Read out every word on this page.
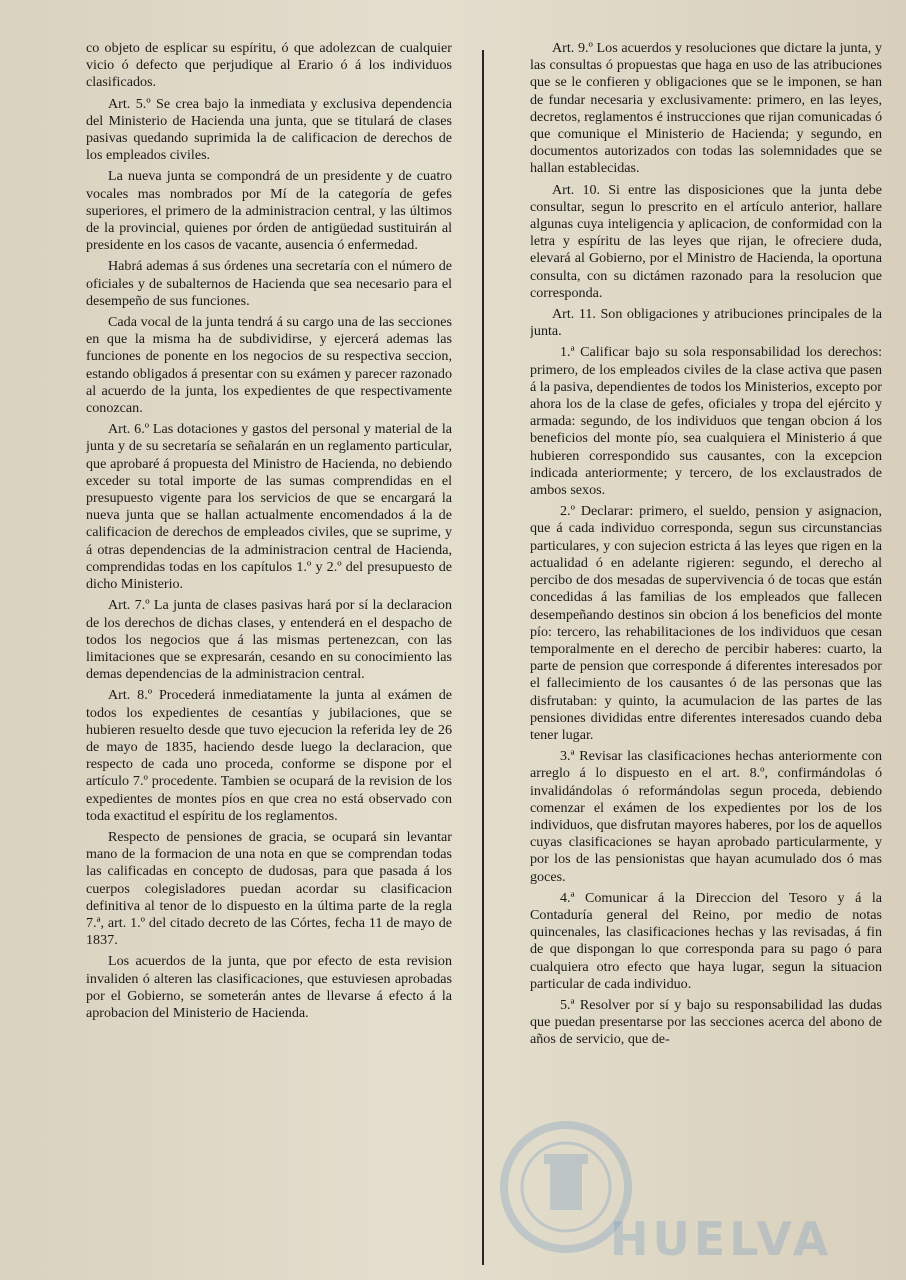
co objeto de esplicar su espíritu, ó que adolezcan de cualquier vicio ó defecto que perjudique al Erario ó á los individuos clasificados.

Art. 5.º Se crea bajo la inmediata y exclusiva dependencia del Ministerio de Hacienda una junta, que se titulará de clases pasivas quedando suprimida la de calificacion de derechos de los empleados civiles.

La nueva junta se compondrá de un presidente y de cuatro vocales mas nombrados por Mí de la categoría de gefes superiores, el primero de la administracion central, y las últimos de la provincial, quienes por órden de antigüedad sustituirán al presidente en los casos de vacante, ausencia ó enfermedad.

Habrá ademas á sus órdenes una secretaría con el número de oficiales y de subalternos de Hacienda que sea necesario para el desempeño de sus funciones.

Cada vocal de la junta tendrá á su cargo una de las secciones en que la misma ha de subdividirse, y ejercerá ademas las funciones de ponente en los negocios de su respectiva seccion, estando obligados á presentar con su exámen y parecer razonado al acuerdo de la junta, los expedientes de que respectivamente conozcan.

Art. 6.º Las dotaciones y gastos del personal y material de la junta y de su secretaría se señalarán en un reglamento particular, que aprobaré á propuesta del Ministro de Hacienda, no debiendo exceder su total importe de las sumas comprendidas en el presupuesto vigente para los servicios de que se encargará la nueva junta que se hallan actualmente encomendados á la de calificacion de derechos de empleados civiles, que se suprime, y á otras dependencias de la administracion central de Hacienda, comprendidas todas en los capítulos 1.º y 2.º del presupuesto de dicho Ministerio.

Art. 7.º La junta de clases pasivas hará por sí la declaracion de los derechos de dichas clases, y entenderá en el despacho de todos los negocios que á las mismas pertenezcan, con las limitaciones que se expresarán, cesando en su conocimiento las demas dependencias de la administracion central.

Art. 8.º Procederá inmediatamente la junta al exámen de todos los expedientes de cesantías y jubilaciones, que se hubieren resuelto desde que tuvo ejecucion la referida ley de 26 de mayo de 1835, haciendo desde luego la declaracion, que respecto de cada uno proceda, conforme se dispone por el artículo 7.º procedente. Tambien se ocupará de la revision de los expedientes de montes píos en que crea no está observado con toda exactitud el espíritu de los reglamentos.

Respecto de pensiones de gracia, se ocupará sin levantar mano de la formacion de una nota en que se comprendan todas las calificadas en concepto de dudosas, para que pasada á los cuerpos colegisladores puedan acordar su clasificacion definitiva al tenor de lo dispuesto en la última parte de la regla 7.ª, art. 1.º del citado decreto de las Córtes, fecha 11 de mayo de 1837.

Los acuerdos de la junta, que por efecto de esta revision invaliden ó alteren las clasificaciones, que estuviesen aprobadas por el Gobierno, se someterán antes de llevarse á efecto á la aprobacion del Ministerio de Hacienda.

Art. 9.º Los acuerdos y resoluciones que dictare la junta, y las consultas ó propuestas que haga en uso de las atribuciones que se le confieren y obligaciones que se le imponen, se han de fundar necesaria y exclusivamente: primero, en las leyes, decretos, reglamentos é instrucciones que rijan comunicadas ó que comunique el Ministerio de Hacienda; y segundo, en documentos autorizados con todas las solemnidades que se hallan establecidas.

Art. 10. Si entre las disposiciones que la junta debe consultar, segun lo prescrito en el artículo anterior, hallare algunas cuya inteligencia y aplicacion, de conformidad con la letra y espíritu de las leyes que rijan, le ofreciere duda, elevará al Gobierno, por el Ministro de Hacienda, la oportuna consulta, con su dictámen razonado para la resolucion que corresponda.

Art. 11. Son obligaciones y atribuciones principales de la junta.

1.ª Calificar bajo su sola responsabilidad los derechos: primero, de los empleados civiles de la clase activa que pasen á la pasiva, dependientes de todos los Ministerios, excepto por ahora los de la clase de gefes, oficiales y tropa del ejército y armada: segundo, de los individuos que tengan obcion á los beneficios del monte pío, sea cualquiera el Ministerio á que hubieren correspondido sus causantes, con la excepcion indicada anteriormente; y tercero, de los exclaustrados de ambos sexos.

2.º Declarar: primero, el sueldo, pension y asignacion, que á cada individuo corresponda, segun sus circunstancias particulares, y con sujecion estricta á las leyes que rigen en la actualidad ó en adelante rigieren: segundo, el derecho al percibo de dos mesadas de supervivencia ó de tocas que están concedidas á las familias de los empleados que fallecen desempeñando destinos sin obcion á los beneficios del monte pío: tercero, las rehabilitaciones de los individuos que cesan temporalmente en el derecho de percibir haberes: cuarto, la parte de pension que corresponde á diferentes interesados por el fallecimiento de los causantes ó de las personas que las disfrutaban: y quinto, la acumulacion de las partes de las pensiones divididas entre diferentes interesados cuando deba tener lugar.

3.ª Revisar las clasificaciones hechas anteriormente con arreglo á lo dispuesto en el art. 8.º, confirmándolas ó invalidándolas ó reformándolas segun proceda, debiendo comenzar el exámen de los expedientes por los de los individuos, que disfrutan mayores haberes, por los de aquellos cuyas clasificaciones se hayan aprobado particularmente, y por los de las pensionistas que hayan acumulado dos ó mas goces.

4.ª Comunicar á la Direccion del Tesoro y á la Contaduría general del Reino, por medio de notas quincenales, las clasificaciones hechas y las revisadas, á fin de que dispongan lo que corresponda para su pago ó para cualquiera otro efecto que haya lugar, segun la situacion particular de cada individuo.

5.ª Resolver por sí y bajo su responsabilidad las dudas que puedan presentarse por las secciones acerca del abono de años de servicio, que de-

HUELVA
